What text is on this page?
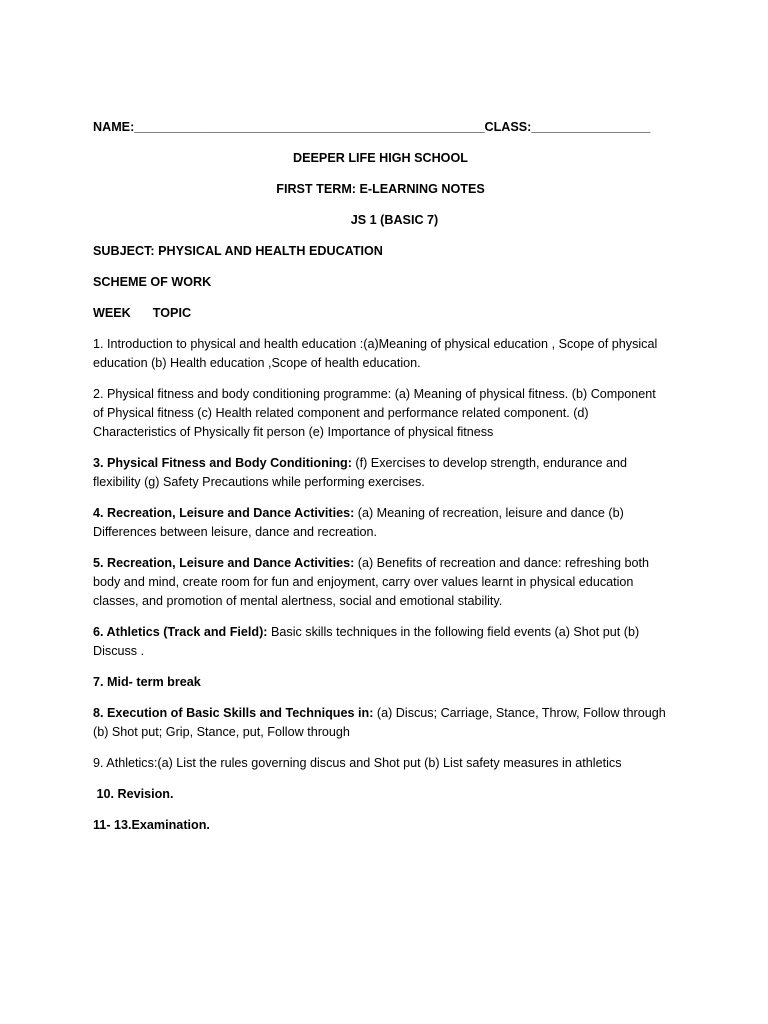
NAME:__________________________________________________CLASS:_________________

DEEPER LIFE HIGH SCHOOL

FIRST TERM: E-LEARNING NOTES

JS 1 (BASIC 7)

SUBJECT: PHYSICAL AND HEALTH EDUCATION

SCHEME OF WORK

WEEK TOPIC

1. Introduction to physical and health education :(a)Meaning of physical education , Scope of physical education (b) Health education ,Scope of health education.

2. Physical fitness and body conditioning programme: (a) Meaning of physical fitness. (b) Component of Physical fitness (c) Health related component and performance related component. (d) Characteristics of Physically fit person (e) Importance of physical fitness

3. Physical Fitness and Body Conditioning: (f) Exercises to develop strength, endurance and flexibility (g) Safety Precautions while performing exercises.

4. Recreation, Leisure and Dance Activities: (a) Meaning of recreation, leisure and dance (b) Differences between leisure, dance and recreation.

5. Recreation, Leisure and Dance Activities: (a) Benefits of recreation and dance: refreshing both body and mind, create room for fun and enjoyment, carry over values learnt in physical education classes, and promotion of mental alertness, social and emotional stability.

6. Athletics (Track and Field): Basic skills techniques in the following field events (a) Shot put (b) Discuss .

7. Mid- term break

8. Execution of Basic Skills and Techniques in: (a) Discus; Carriage, Stance, Throw, Follow through (b) Shot put; Grip, Stance, put, Follow through

9. Athletics:(a) List the rules governing discus and Shot put (b) List safety measures in athletics

10. Revision.

11- 13.Examination.
